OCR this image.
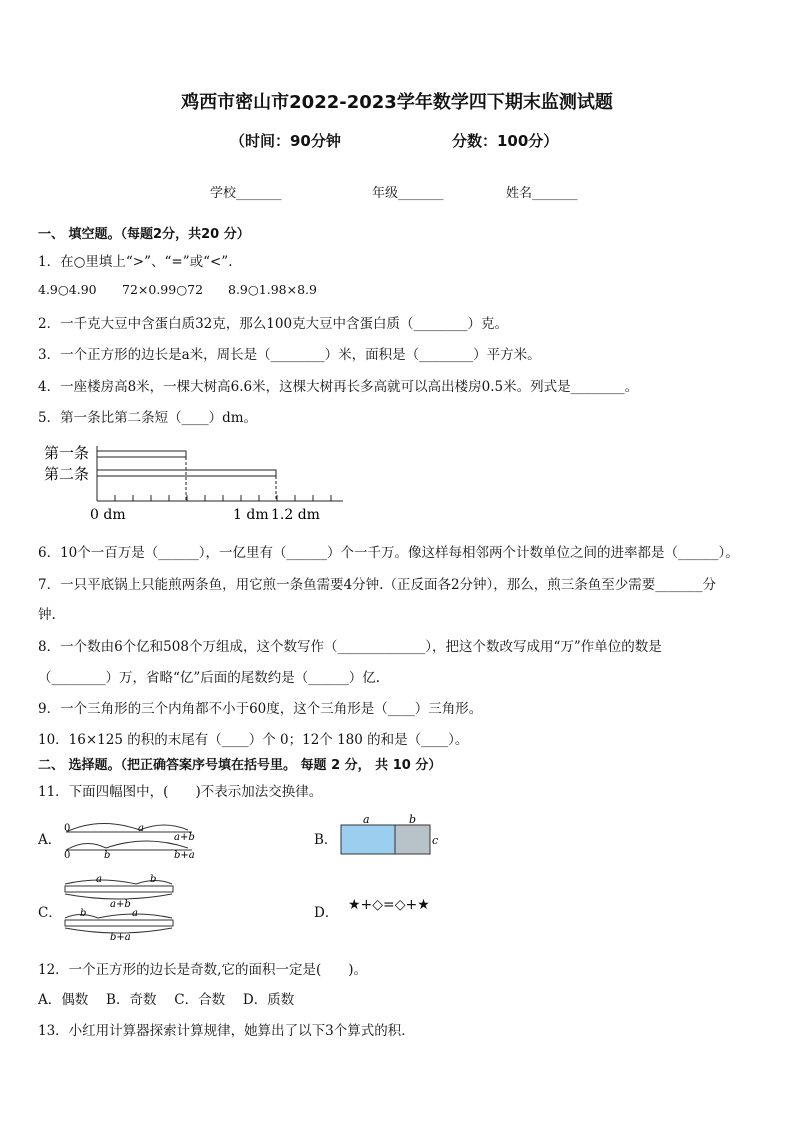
鸡西市密山市2022-2023学年数学四下期末监测试题
（时间：90分钟	分数：100分）
学校_______	年级_______	姓名_______
一、 填空题。（每题2分，共20 分）
1．在○里填上“>”、“=”或“<”.
4.9○4.90 72×0.99○72 8.9○1.98×8.9
2．一千克大豆中含蛋白质32克，那么100克大豆中含蛋白质（________）克。
3．一个正方形的边长是a米，周长是（________）米，面积是（________）平方米。
4．一座楼房高8米，一棵大树高6.6米，这棵大树再长多高就可以高出楼房0.5米。列式是________。
5．第一条比第二条短（____）dm。
第一条
第二条
0 dm	1 dm 1.2 dm
6．10个一百万是（______），一亿里有（______）个一千万。像这样每相邻两个计数单位之间的进率都是（______）。
7．一只平底锅上只能煎两条鱼，用它煎一条鱼需要4分钟.（正反面各2分钟），那么，煎三条鱼至少需要_______分
钟.
8．一个数由6个亿和508个万组成，这个数写作（_____________），把这个数改写成用“万”作单位的数是
（________）万，省略“亿”后面的尾数约是（______）亿.
9．一个三角形的三个内角都不小于60度，这个三角形是（____）三角形。
10．16×125 的积的末尾有（____）个 0；12个 180 的和是（____）。
二、 选择题。（把正确答案序号填在括号里。 每题 2 分， 共 10 分）
11．下面四幅图中，(　　)不表示加法交换律。
A．
0	a
a+b
0	b	b+a
B．
a	b
c
C．
a	b
a+b
b	a
b+a
D． ★+◇=◇+★
12．一个正方形的边长是奇数,它的面积一定是(　　)。
A．偶数　 B．奇数　 C．合数　 D．质数
13．小红用计算器探索计算规律，她算出了以下3个算式的积．
